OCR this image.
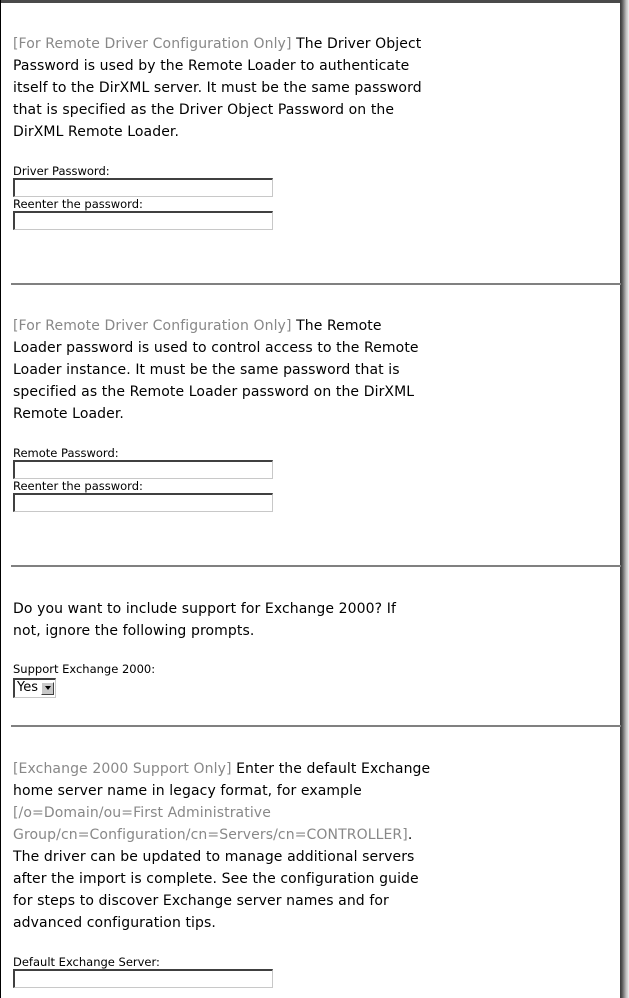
[For Remote Driver Configuration Only] The Driver Object Password is used by the Remote Loader to authenticate itself to the DirXML server. It must be the same password that is specified as the Driver Object Password on the DirXML Remote Loader.

Driver Password:
Reenter the password:

[For Remote Driver Configuration Only] The Remote Loader password is used to control access to the Remote Loader instance. It must be the same password that is specified as the Remote Loader password on the DirXML Remote Loader.

Remote Password:
Reenter the password:

Do you want to include support for Exchange 2000? If not, ignore the following prompts.

Support Exchange 2000:
Yes

[Exchange 2000 Support Only] Enter the default Exchange home server name in legacy format, for example [/o=Domain/ou=First Administrative Group/cn=Configuration/cn=Servers/cn=CONTROLLER]. The driver can be updated to manage additional servers after the import is complete. See the configuration guide for steps to discover Exchange server names and for advanced configuration tips.

Default Exchange Server:
